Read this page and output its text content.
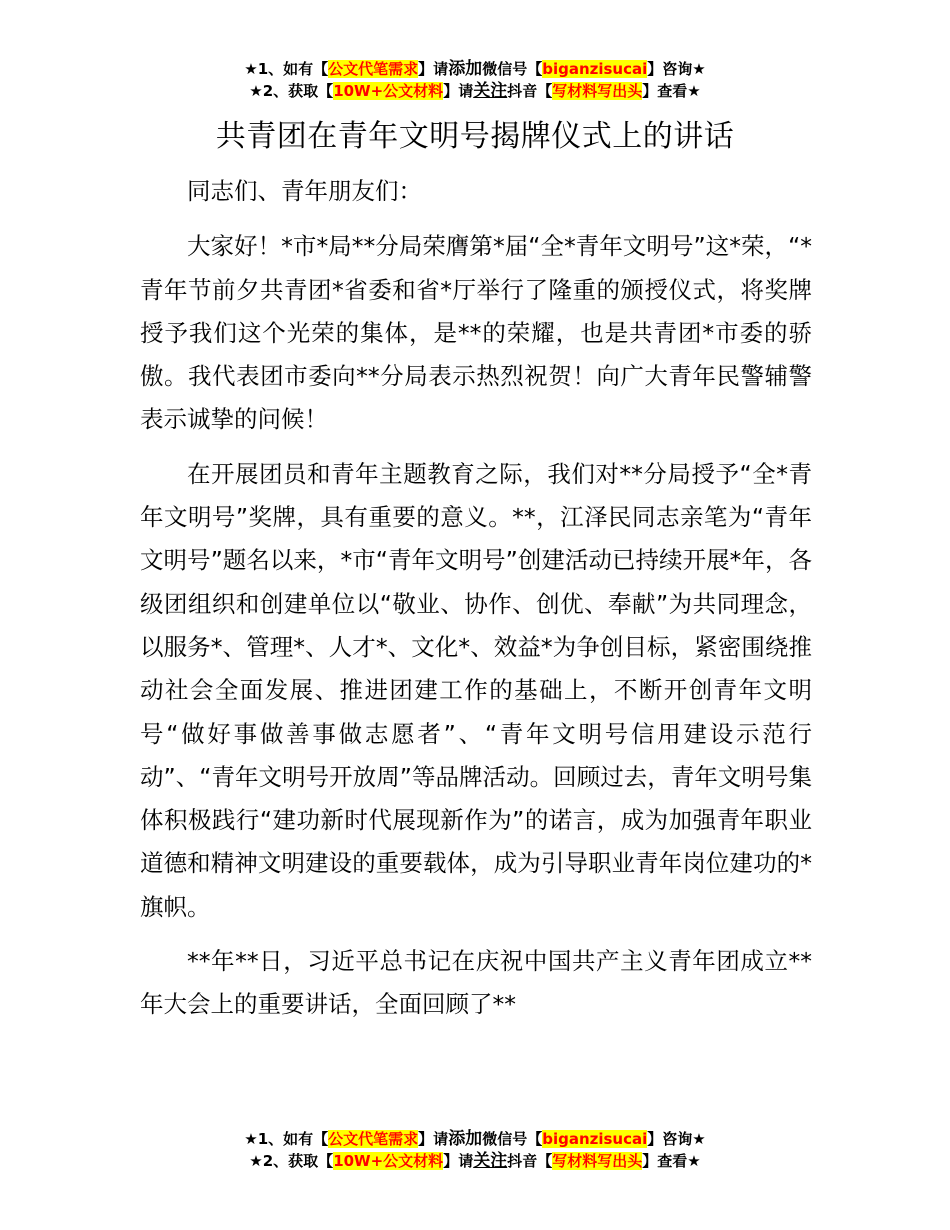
★1、如有【公文代笔需求】请添加微信号【biganzisucai】咨询★
★2、获取【10W+公文材料】请关注抖音【写材料写出头】查看★
共青团在青年文明号揭牌仪式上的讲话

同志们、青年朋友们：

大家好！*市*局**分局荣膺第*届“全*青年文明号”这*荣，“*青年节前夕共青团*省委和省*厅举行了隆重的颁授仪式，将奖牌授予我们这个光荣的集体，是**的荣耀，也是共青团*市委的骄傲。我代表团市委向**分局表示热烈祝贺！向广大青年民警辅警表示诚挚的问候！

在开展团员和青年主题教育之际，我们对**分局授予“全*青年文明号”奖牌，具有重要的意义。**，江泽民同志亲笔为“青年文明号”题名以来，*市“青年文明号”创建活动已持续开展*年，各级团组织和创建单位以“敬业、协作、创优、奉献”为共同理念，以服务*、管理*、人才*、文化*、效益*为争创目标，紧密围绕推动社会全面发展、推进团建工作的基础上，不断开创青年文明号“做好事做善事做志愿者”、“青年文明号信用建设示范行动”、“青年文明号开放周”等品牌活动。回顾过去，青年文明号集体积极践行“建功新时代展现新作为”的诺言，成为加强青年职业道德和精神文明建设的重要载体，成为引导职业青年岗位建功的*旗帜。

**年**日，习近平总书记在庆祝中国共产主义青年团成立**年大会上的重要讲话，全面回顾了**

★1、如有【公文代笔需求】请添加微信号【biganzisucai】咨询★
★2、获取【10W+公文材料】请关注抖音【写材料写出头】查看★
